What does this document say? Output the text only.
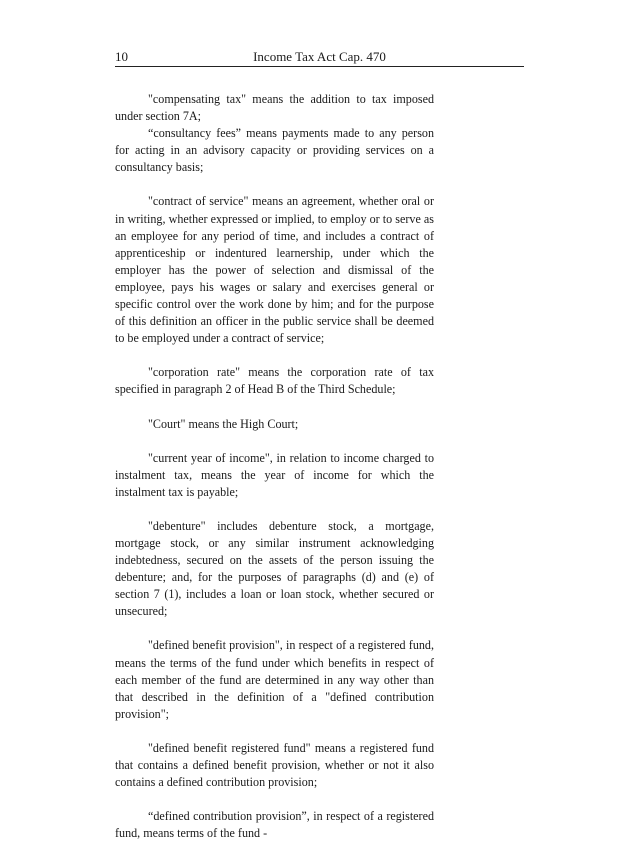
10	Income Tax Act Cap. 470

"compensating tax" means the addition to tax imposed under section 7A;

“consultancy fees” means payments made to any person for acting in an advisory capacity or providing services on a consultancy basis;

"contract of service" means an agreement, whether oral or in writing, whether expressed or implied, to employ or to serve as an employee for any period of time, and includes a contract of apprenticeship or indentured learnership, under which the employer has the power of selection and dismissal of the employee, pays his wages or salary and exercises general or specific control over the work done by him; and for the purpose of this definition an officer in the public service shall be deemed to be employed under a contract of service;

"corporation rate" means the corporation rate of tax specified in paragraph 2 of Head B of the Third Schedule;

"Court" means the High Court;

"current year of income", in relation to income charged to instalment tax, means the year of income for which the instalment tax is payable;

"debenture" includes debenture stock, a mortgage, mortgage stock, or any similar instrument acknowledging indebtedness, secured on the assets of the person issuing the debenture; and, for the purposes of paragraphs (d) and (e) of section 7 (1), includes a loan or loan stock, whether secured or unsecured;

"defined benefit provision", in respect of a registered fund, means the terms of the fund under which benefits in respect of each member of the fund are determined in any way other than that described in the definition of a "defined contribution provision";

"defined benefit registered fund" means a registered fund that contains a defined benefit provision, whether or not it also contains a defined contribution provision;

“defined contribution provision”, in respect of a registered fund, means terms of the fund -
